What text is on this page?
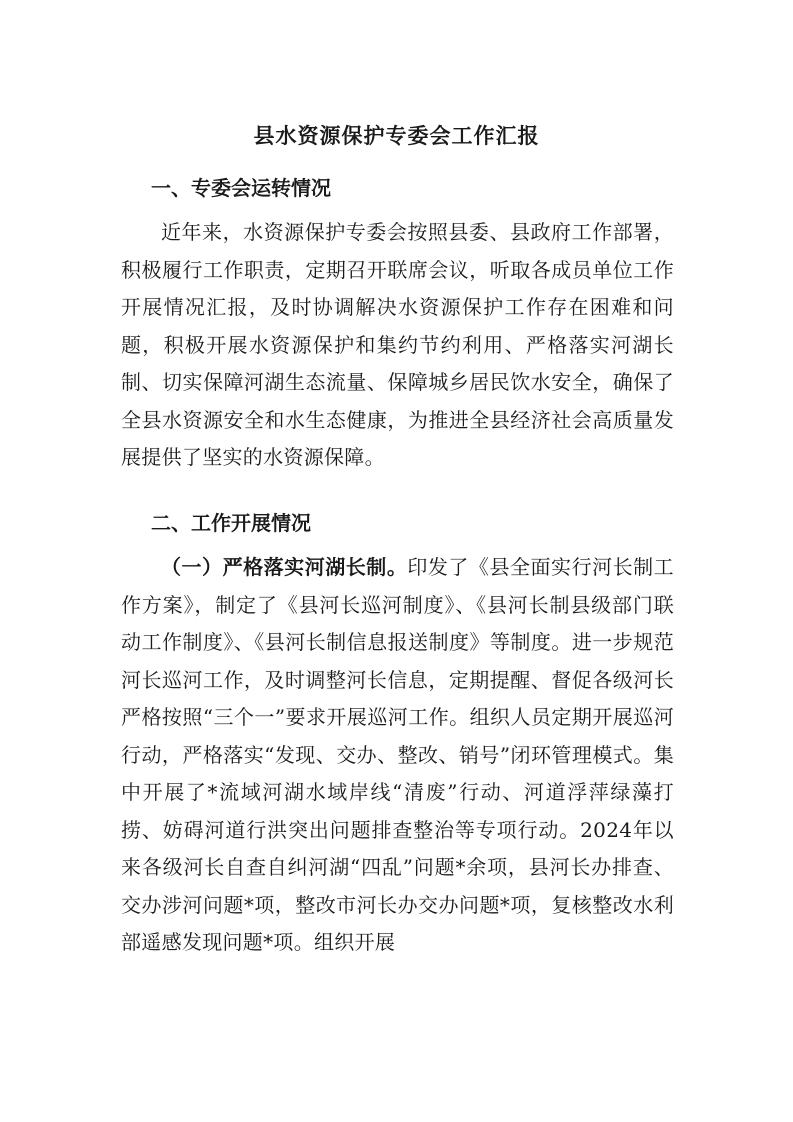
县水资源保护专委会工作汇报
一、专委会运转情况
近年来，水资源保护专委会按照县委、县政府工作部署，积极履行工作职责，定期召开联席会议，听取各成员单位工作开展情况汇报，及时协调解决水资源保护工作存在困难和问题，积极开展水资源保护和集约节约利用、严格落实河湖长制、切实保障河湖生态流量、保障城乡居民饮水安全，确保了全县水资源安全和水生态健康，为推进全县经济社会高质量发展提供了坚实的水资源保障。
二、工作开展情况
（一）严格落实河湖长制。印发了《县全面实行河长制工作方案》，制定了《县河长巡河制度》、《县河长制县级部门联动工作制度》、《县河长制信息报送制度》等制度。进一步规范河长巡河工作，及时调整河长信息，定期提醒、督促各级河长严格按照“三个一”要求开展巡河工作。组织人员定期开展巡河行动，严格落实“发现、交办、整改、销号”闭环管理模式。集中开展了*流域河湖水域岸线“清废”行动、河道浮萍绿藻打捞、妨碍河道行洪突出问题排查整治等专项行动。2024年以来各级河长自查自纠河湖“四乱”问题*余项，县河长办排查、交办涉河问题*项，整改市河长办交办问题*项，复核整改水利部遥感发现问题*项。组织开展
